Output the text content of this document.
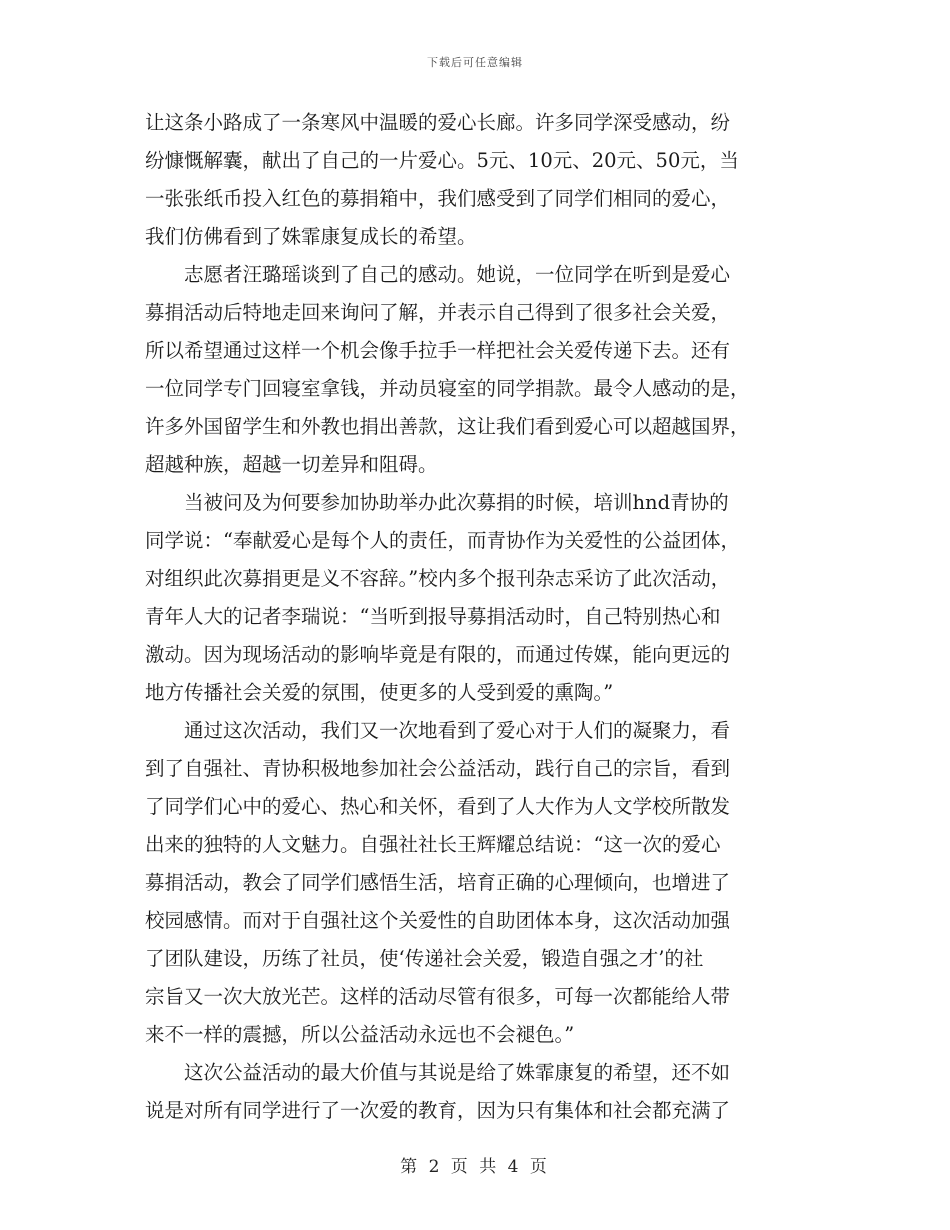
下载后可任意编辑
让这条小路成了一条寒风中温暖的爱心长廊。许多同学深受感动，纷
纷慷慨解囊，献出了自己的一片爱心。5元、10元、20元、50元，当
一张张纸币投入红色的募捐箱中，我们感受到了同学们相同的爱心，
我们仿佛看到了姝霏康复成长的希望。
志愿者汪璐瑶谈到了自己的感动。她说，一位同学在听到是爱心
募捐活动后特地走回来询问了解，并表示自己得到了很多社会关爱，
所以希望通过这样一个机会像手拉手一样把社会关爱传递下去。还有
一位同学专门回寝室拿钱，并动员寝室的同学捐款。最令人感动的是，
许多外国留学生和外教也捐出善款，这让我们看到爱心可以超越国界，
超越种族，超越一切差异和阻碍。
当被问及为何要参加协助举办此次募捐的时候，培训hnd青协的
同学说：“奉献爱心是每个人的责任，而青协作为关爱性的公益团体，
对组织此次募捐更是义不容辞。”校内多个报刊杂志采访了此次活动，
青年人大的记者李瑞说：“当听到报导募捐活动时，自己特别热心和
激动。因为现场活动的影响毕竟是有限的，而通过传媒，能向更远的
地方传播社会关爱的氛围，使更多的人受到爱的熏陶。”
通过这次活动，我们又一次地看到了爱心对于人们的凝聚力，看
到了自强社、青协积极地参加社会公益活动，践行自己的宗旨，看到
了同学们心中的爱心、热心和关怀，看到了人大作为人文学校所散发
出来的独特的人文魅力。自强社社长王辉耀总结说：“这一次的爱心
募捐活动，教会了同学们感悟生活，培育正确的心理倾向，也增进了
校园感情。而对于自强社这个关爱性的自助团体本身，这次活动加强
了团队建设，历练了社员，使‘传递社会关爱，锻造自强之才’的社
宗旨又一次大放光芒。这样的活动尽管有很多，可每一次都能给人带
来不一样的震撼，所以公益活动永远也不会褪色。”
这次公益活动的最大价值与其说是给了姝霏康复的希望，还不如
说是对所有同学进行了一次爱的教育，因为只有集体和社会都充满了
第 2 页 共 4 页
